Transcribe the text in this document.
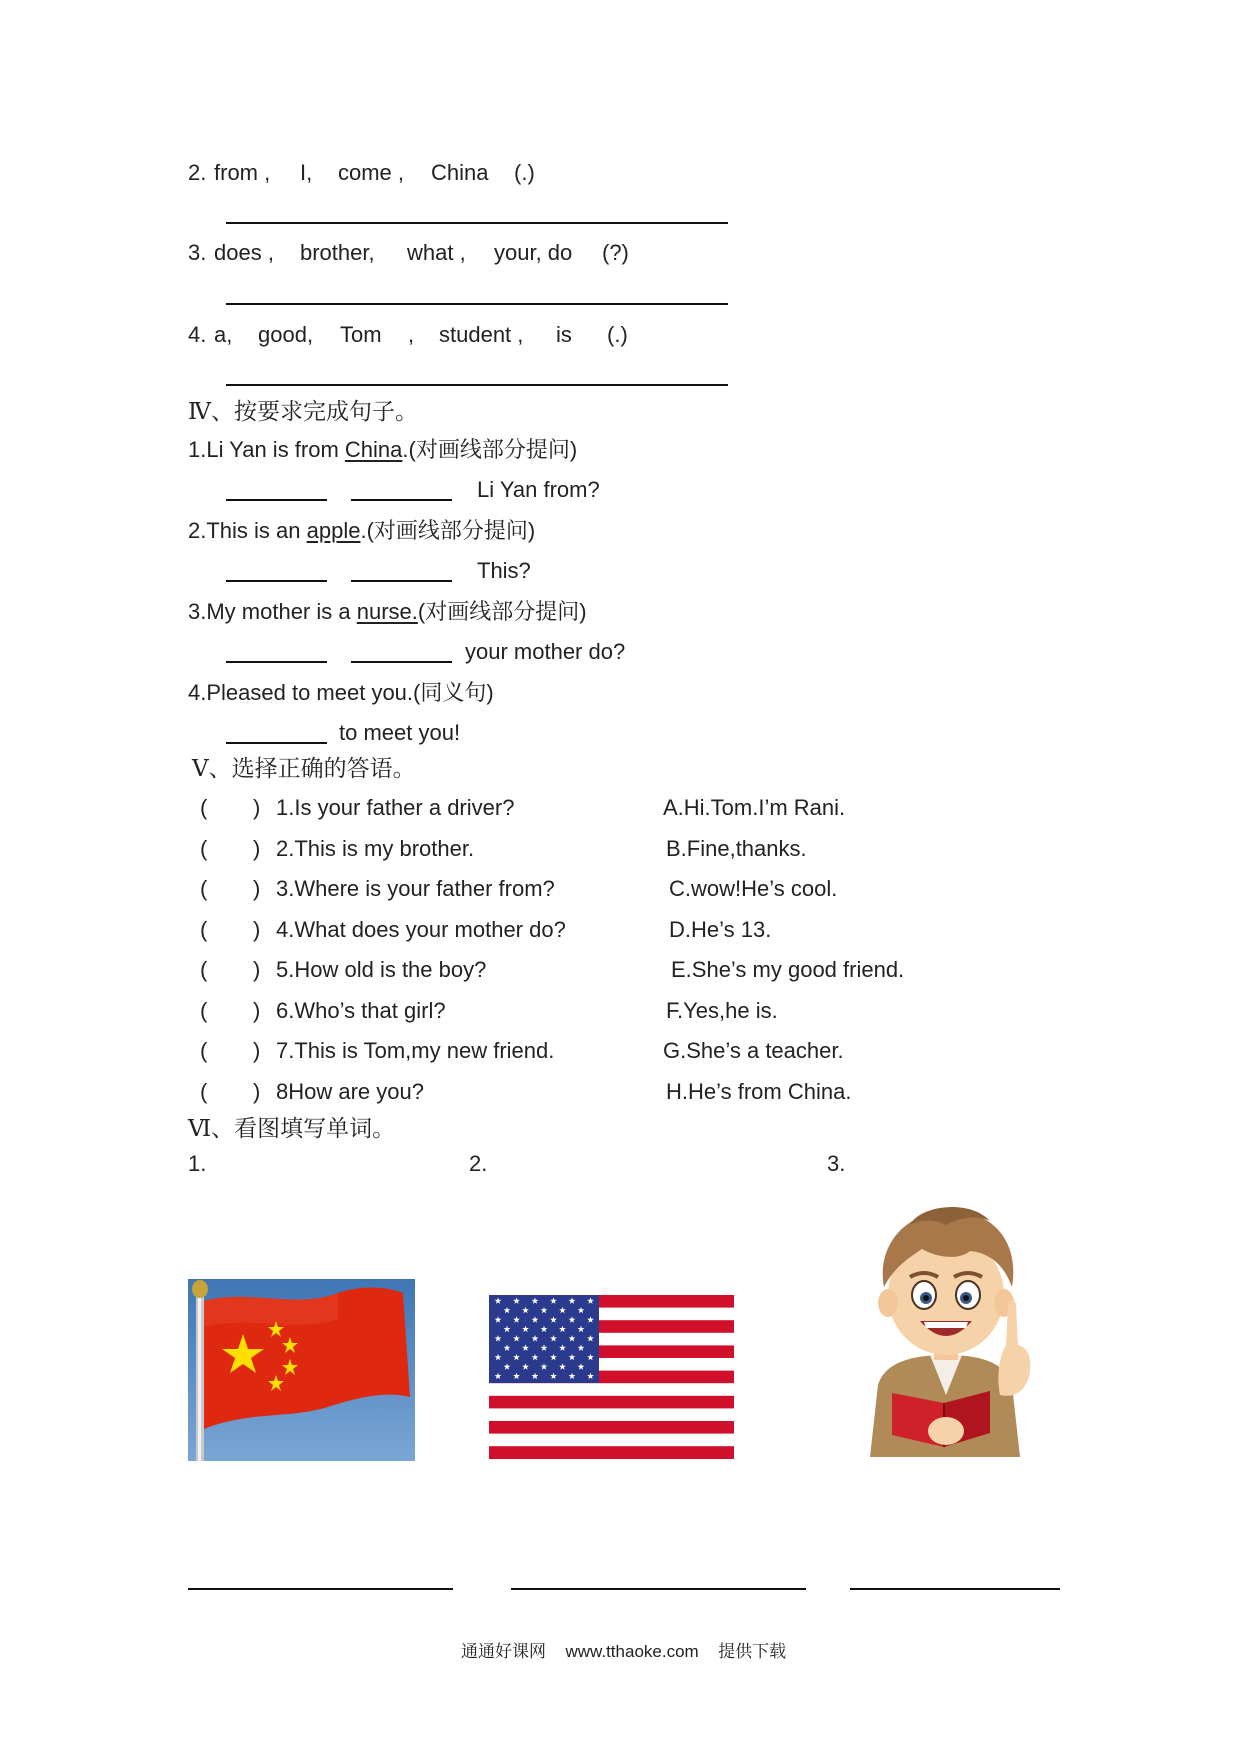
2. from , I, come , China (.)
3. does , brother, what , your, do (?)
4. a, good, Tom , student , is (.)
Ⅳ、按要求完成句子。
1.Li Yan is from China.(对画线部分提问)
Li Yan from?
2.This is an apple.(对画线部分提问)
This?
3.My mother is a nurse.(对画线部分提问)
your mother do?
4.Pleased to meet you.(同义句)
to meet you!
Ⅴ、选择正确的答语。
( ) 1.Is your father a driver?	A.Hi.Tom.I’m Rani.
( ) 2.This is my brother.	B.Fine,thanks.
( ) 3.Where is your father from?	C.wow!He’s cool.
( ) 4.What does your mother do?	D.He’s 13.
( ) 5.How old is the boy?	E.She’s my good friend.
( ) 6.Who’s that girl?	F.Yes,he is.
( ) 7.This is Tom,my new friend.	G.She’s a teacher.
( ) 8How are you?	H.He’s from China.
Ⅵ、看图填写单词。
1.	2.	3.
通通好课网 www.tthaoke.com 提供下载
